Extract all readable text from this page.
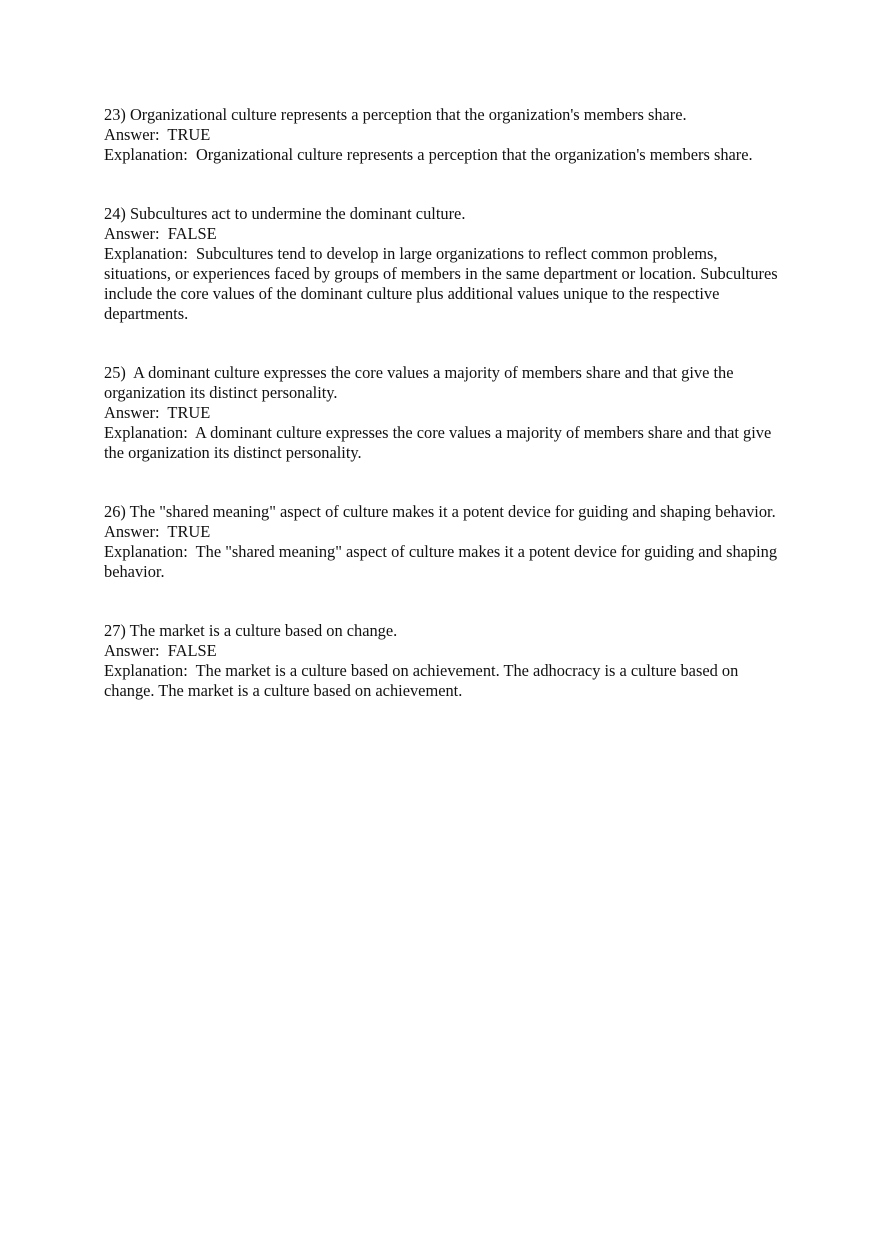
23) Organizational culture represents a perception that the organization's members share.

Answer:  TRUE

Explanation:  Organizational culture represents a perception that the organization's members share.

24) Subcultures act to undermine the dominant culture.

Answer:  FALSE

Explanation:  Subcultures tend to develop in large organizations to reflect common problems, situations, or experiences faced by groups of members in the same department or location. Subcultures include the core values of the dominant culture plus additional values unique to the respective departments.

25)  A dominant culture expresses the core values a majority of members share and that give the organization its distinct personality.

Answer:  TRUE

Explanation:  A dominant culture expresses the core values a majority of members share and that give the organization its distinct personality.

26) The "shared meaning" aspect of culture makes it a potent device for guiding and shaping behavior.

Answer:  TRUE

Explanation:  The "shared meaning" aspect of culture makes it a potent device for guiding and shaping behavior.

27) The market is a culture based on change.

Answer:  FALSE

Explanation:  The market is a culture based on achievement. The adhocracy is a culture based on change. The market is a culture based on achievement.
